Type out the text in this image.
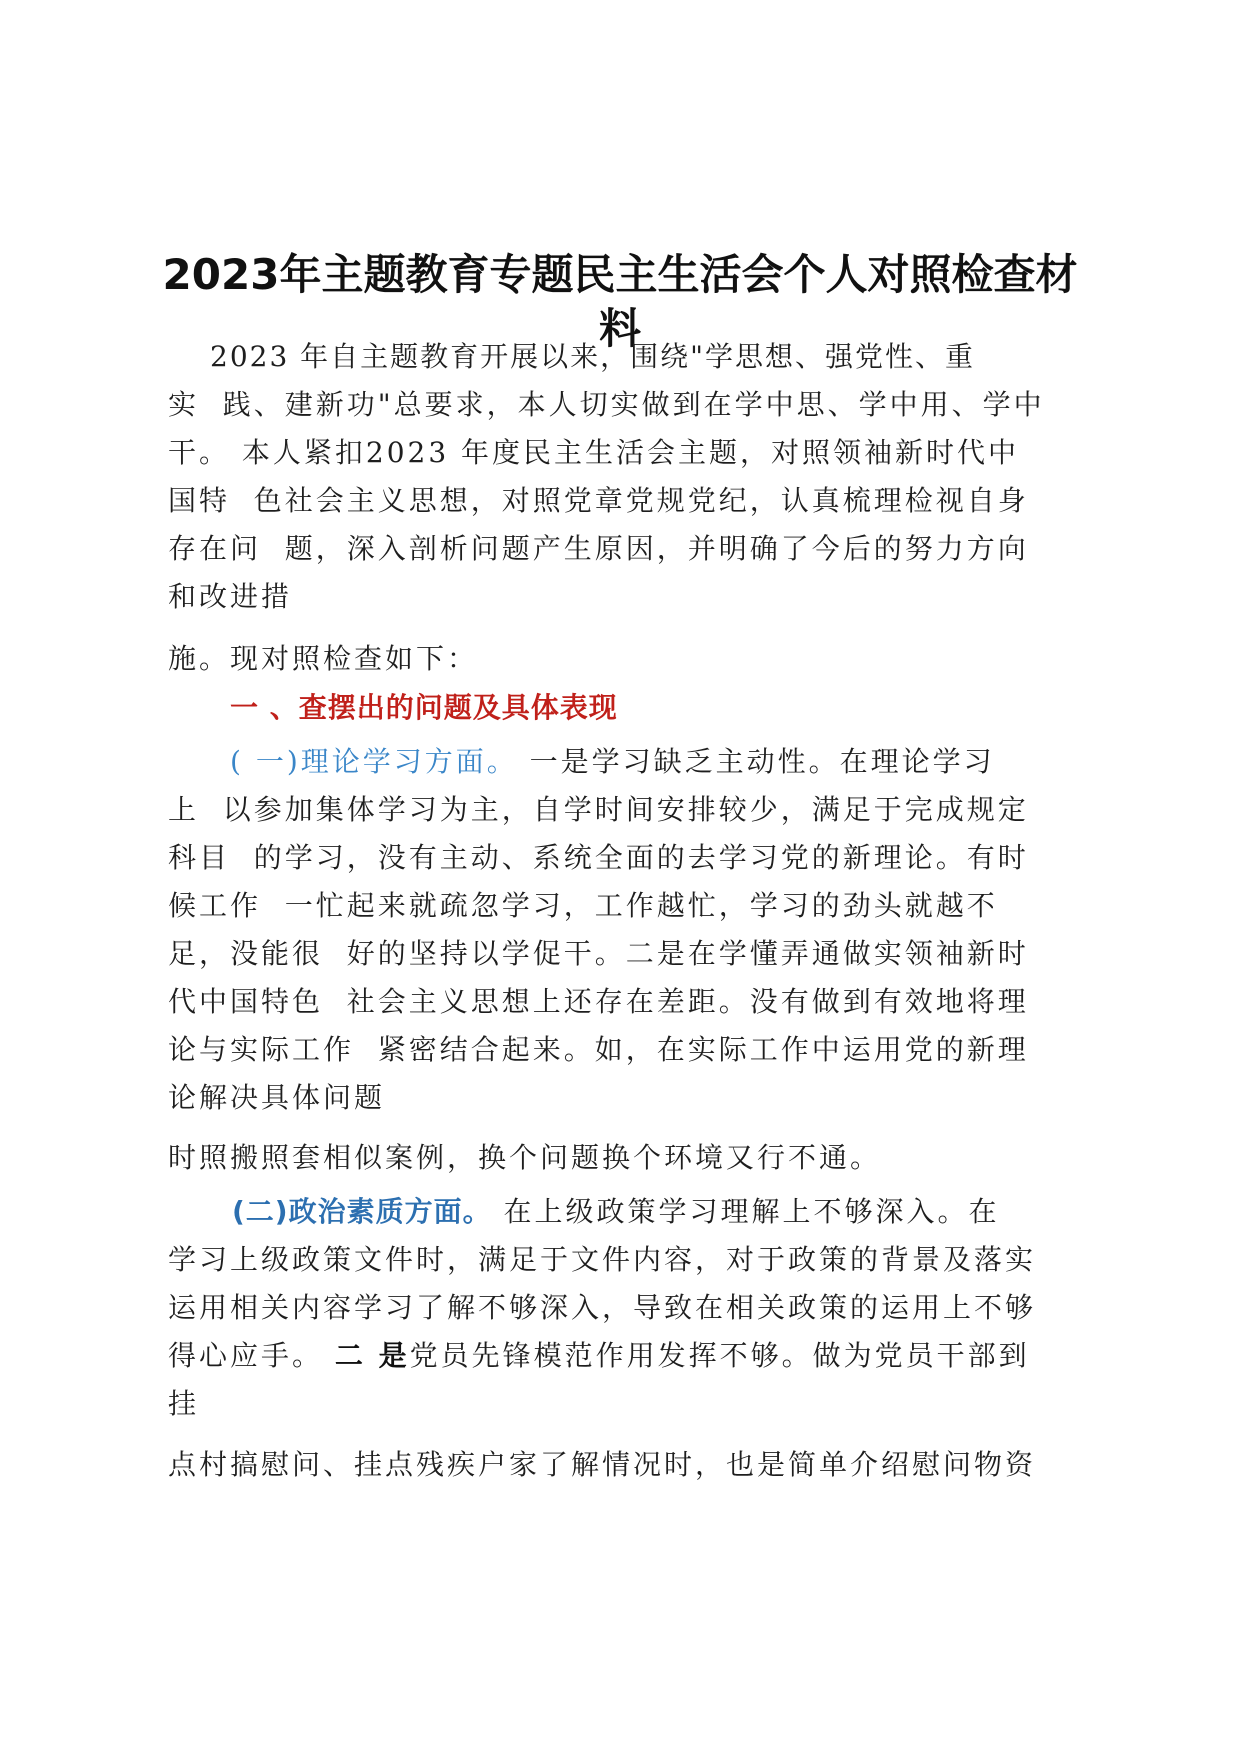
2023年主题教育专题民主生活会个人对照检查材料

2023 年自主题教育开展以来，围绕"学思想、强党性、重

实  践、建新功"总要求，本人切实做到在学中思、学中用、学中

干。 本人紧扣2023 年度民主生活会主题，对照领袖新时代中

国特  色社会主义思想，对照党章党规党纪，认真梳理检视自身

存在问  题，深入剖析问题产生原因，并明确了今后的努力方向

和改进措

施。现对照检查如下：

一 、查摆出的问题及具体表现

( 一)理论学习方面。 一是学习缺乏主动性。在理论学习

上  以参加集体学习为主，自学时间安排较少，满足于完成规定

科目  的学习，没有主动、系统全面的去学习党的新理论。有时

候工作  一忙起来就疏忽学习，工作越忙，学习的劲头就越不

足，没能很  好的坚持以学促干。二是在学懂弄通做实领袖新时

代中国特色  社会主义思想上还存在差距。没有做到有效地将理

论与实际工作  紧密结合起来。如，在实际工作中运用党的新理

论解决具体问题

时照搬照套相似案例，换个问题换个环境又行不通。

(二)政治素质方面。 在上级政策学习理解上不够深入。在

学习上级政策文件时，满足于文件内容，对于政策的背景及落实

运用相关内容学习了解不够深入，导致在相关政策的运用上不够

得心应手。 二 是党员先锋模范作用发挥不够。做为党员干部到

挂

点村搞慰问、挂点残疾户家了解情况时，也是简单介绍慰问物资
